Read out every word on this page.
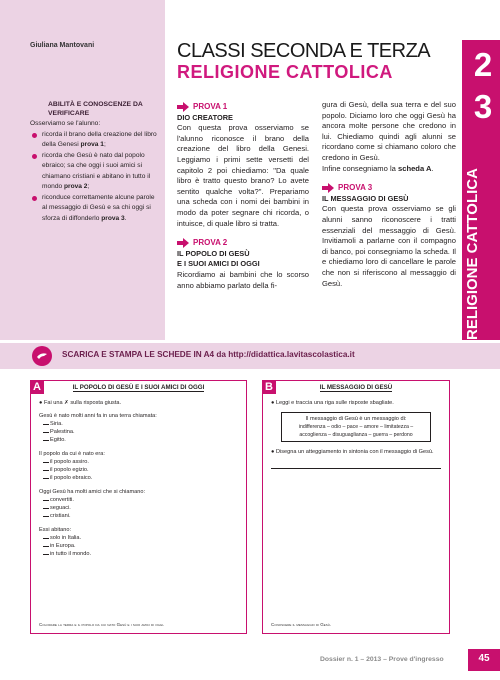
Giuliana Mantovani
ABILITÀ E CONOSCENZE DA VERIFICARE
Osserviamo se l'alunno:
ricorda il brano della creazione del libro della Genesi prova 1;
ricorda che Gesù è nato dal popolo ebraico; sa che oggi i suoi amici si chiamano cristiani e abitano in tutto il mondo prova 2;
riconduce correttamente alcune parole al messaggio di Gesù e sa chi oggi si sforza di diffonderlo prova 3.
CLASSI SECONDA E TERZA
RELIGIONE CATTOLICA 2
3
RELIGIONE CATTOLICA
PROVA 1
DIO CREATORE

Con questa prova osserviamo se l'alunno riconosce il brano della creazione del libro della Genesi. Leggiamo i primi sette versetti del capitolo 2 poi chiediamo: "Da quale libro è tratto questo brano? Lo avete sentito qualche volta?". Prepariamo una scheda con i nomi dei bambini in modo da poter segnare chi ricorda, o intuisce, di quale libro si tratta.

PROVA 2
IL POPOLO DI GESÙ
E I SUOI AMICI DI OGGI

Ricordiamo ai bambini che lo scorso anno abbiamo parlato della fi-

gura di Gesù, della sua terra e del suo popolo. Diciamo loro che oggi Gesù ha ancora molte persone che credono in lui. Chiediamo quindi agli alunni se ricordano come si chiamano coloro che credono in Gesù.

Infine consegniamo la scheda A.

PROVA 3
IL MESSAGGIO DI GESÙ

Con questa prova osserviamo se gli alunni sanno riconoscere i tratti essenziali del messaggio di Gesù. Invitiamoli a parlarne con il compagno di banco, poi consegniamo la scheda. Il e chiediamo loro di cancellare le parole che non si riferiscono al messaggio di Gesù.

SCARICA E STAMPA LE SCHEDE IN A4 da http://didattica.lavitascolastica.it
IL POPOLO DI GESÙ E I SUOI AMICI DI OGGI
● Fai una ✗ sulla risposta giusta.
Gesù è nato molti anni fa in una terra chiamata:
Siria.
Palestina.
Egitto.
Il popolo da cui è nato era:
il popolo assiro.
il popolo egizio.
il popolo ebraico.
Oggi Gesù ha molti amici che si chiamano:
convertiti.
seguaci.
cristiani.
Essi abitano:
solo in Italia.
in Europa.
in tutto il mondo.
Colorare la terra e il popolo da cui nato Gesù e i suoi amici di oggi.
A	IL MESSAGGIO DI GESÙ
● Leggi e traccia una riga sulle risposte sbagliate.
Il messaggio di Gesù è un messaggio di:
indifferenza – odio – pace – amore – limitatezza – accoglienza – disuguaglianza – guerra – perdono
● Disegna un atteggiamento in sintonia con il messaggio di Gesù.
Conoscere il messaggio di Gesù.
B
Dossier n. 1 – 2013 – Prove d'ingresso	45
